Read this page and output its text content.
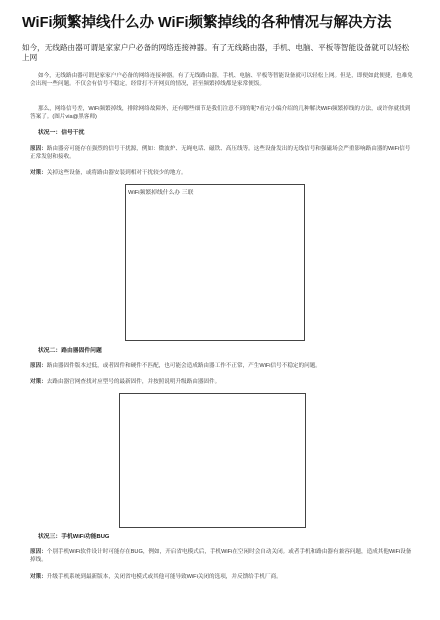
WiFi频繁掉线什么办 WiFi频繁掉线的各种情况与解决方法
如今，无线路由器可谓是家家户户必备的网络连接神器。有了无线路由器，手机、电脑、平板等智能设备就可以轻松上网
如今，无线路由器可谓是家家户户必备的网络连接神器。有了无线路由器，手机、电脑、平板等智能设备就可以轻松上网。但是，即便如此便捷，也难免会出现一些问题。不仅会有信号不稳定，经常打不开网页的情况，甚至频繁掉线都是家常便饭。
那么，网络信号差，WiFi频繁掉线，排除网络故障外，还有哪些细节是我们注意不到的呢?看完小编介绍的几种解决WiFi频繁掉线的方法，或许你就找到答案了。(图片via@黑客师)
状况一：信号干扰
原因：路由器旁可能存在强烈的信号干扰源，例如：微波炉、无绳电话、磁铁、高压线等。这些设备发出的无线信号和强磁场会严重影响路由器的WiFi信号正常发射和接收。
对策：关掉这些设备，或将路由器安装到相对干扰较少的地方。
WiFi频繁掉线什么办 三联
状况二：路由器固件问题
原因：路由器固件版本过低，或者固件和硬件不匹配，也可能会造成路由器工作不正常，产生WiFi信号不稳定的问题。
对策：去路由器官网查找对应型号的最新固件，并按照说明升级路由器固件。
状况三：手机WiFi功能BUG
原因：个别手机WiFi软件设计时可能存在BUG，例如，开启省电模式后，手机WiFi在空闲时会自动关闭。或者手机和路由器有兼容问题，造成其他WiFi设备掉线。
对策：升级手机系统到最新版本，关闭省电模式或其他可能导致WiFi关闭的选项，并反馈给手机厂商。
